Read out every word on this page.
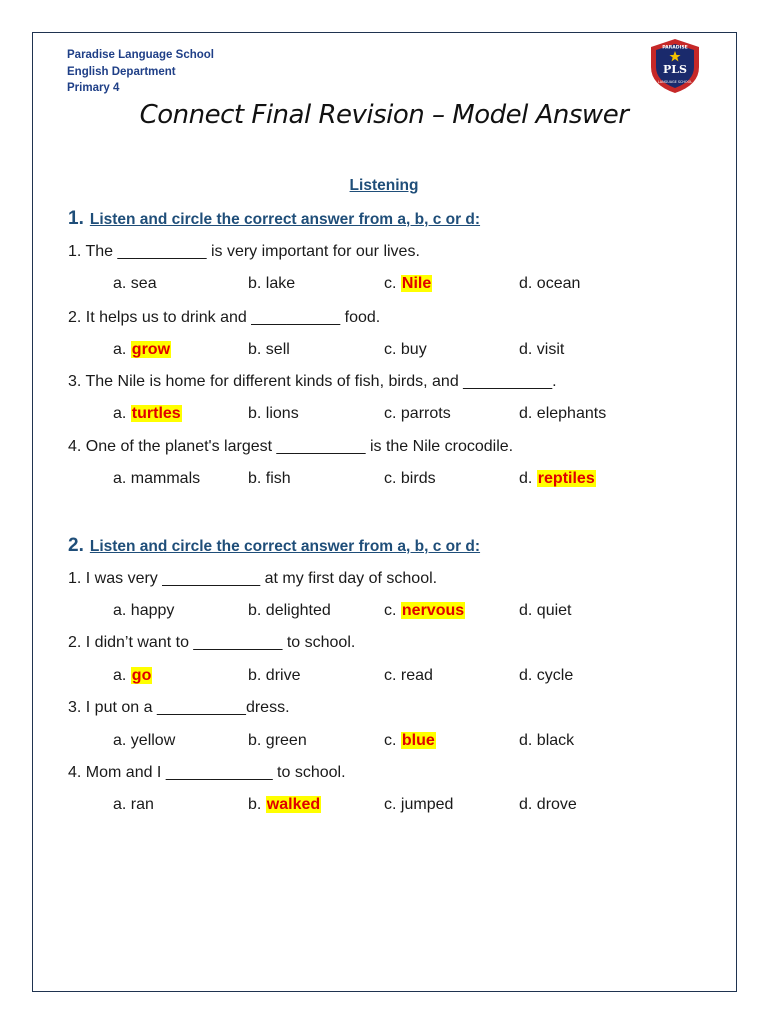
Paradise Language School
English Department
Primary 4
PLS
PARADISE
LANGUAGE SCHOOL
Connect Final Revision – Model Answer
Listening
1. Listen and circle the correct answer from a, b, c or d:
1. The __________ is very important for our lives.
a. sea	b. lake	c. Nile	d. ocean
2. It helps us to drink and __________ food.
a. grow	b. sell	c. buy	d. visit
3. The Nile is home for different kinds of fish, birds, and __________.
a. turtles	b. lions	c. parrots	d. elephants
4. One of the planet's largest __________ is the Nile crocodile.
a. mammals	b. fish	c. birds	d. reptiles
2. Listen and circle the correct answer from a, b, c or d:
1. I was very ___________ at my first day of school.
a. happy	b. delighted	c. nervous	d. quiet
2. I didn’t want to __________ to school.
a. go	b. drive	c. read	d. cycle
3. I put on a __________dress.
a. yellow	b. green	c. blue	d. black
4. Mom and I ____________ to school.
a. ran	b. walked	c. jumped	d. drove
